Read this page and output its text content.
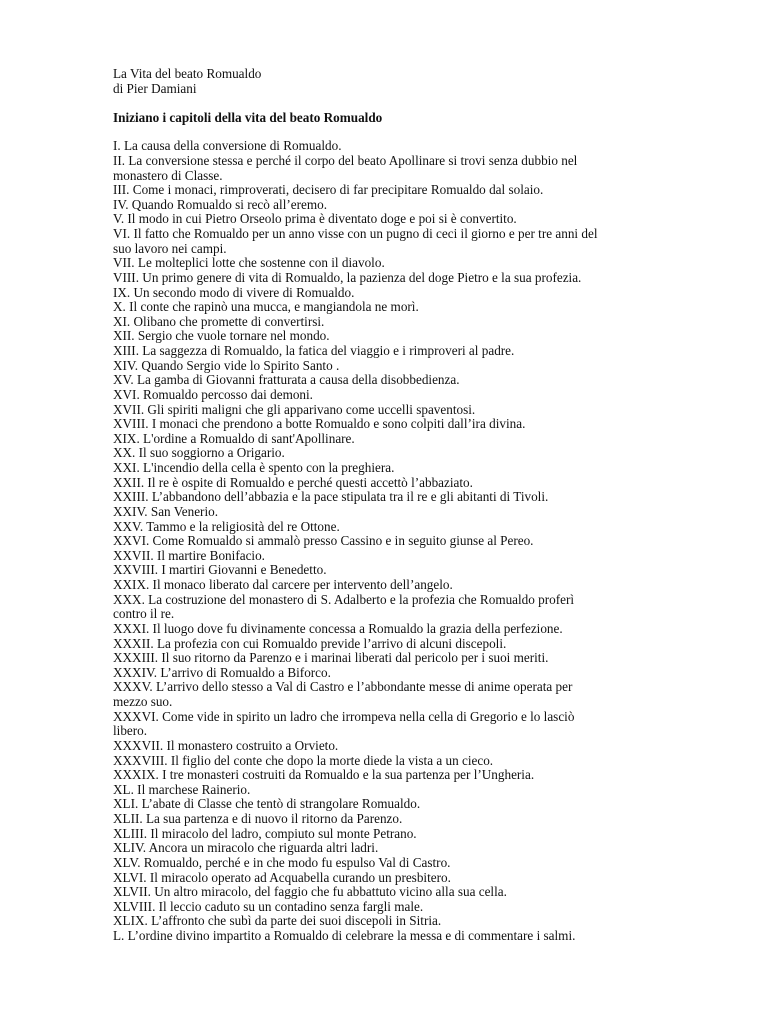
La Vita del beato Romualdo
di Pier Damiani
Iniziano i capitoli della vita del beato Romualdo
I. La causa della conversione di Romualdo.
II. La conversione stessa e perché il corpo del beato Apollinare si trovi senza dubbio nel
monastero di Classe.
III. Come i monaci, rimproverati, decisero di far precipitare Romualdo dal solaio.
IV. Quando Romualdo si recò all’eremo.
V. Il modo in cui Pietro Orseolo prima è diventato doge e poi si è convertito.
VI. Il fatto che Romualdo per un anno visse con un pugno di ceci il giorno e per tre anni del
suo lavoro nei campi.
VII. Le molteplici lotte che sostenne con il diavolo.
VIII. Un primo genere di vita di Romualdo, la pazienza del doge Pietro e la sua profezia.
IX. Un secondo modo di vivere di Romualdo.
X. Il conte che rapinò una mucca, e mangiandola ne morì.
XI. Olibano che promette di convertirsi.
XII. Sergio che vuole tornare nel mondo.
XIII. La saggezza di Romualdo, la fatica del viaggio e i rimproveri al padre.
XIV. Quando Sergio vide lo Spirito Santo .
XV. La gamba di Giovanni fratturata a causa della disobbedienza.
XVI. Romualdo percosso dai demoni.
XVII. Gli spiriti maligni che gli apparivano come uccelli spaventosi.
XVIII. I monaci che prendono a botte Romualdo e sono colpiti dall’ira divina.
XIX. L'ordine a Romualdo di sant'Apollinare.
XX. Il suo soggiorno a Origario.
XXI. L'incendio della cella è spento con la preghiera.
XXII. Il re è ospite di Romualdo e perché questi accettò l’abbaziato.
XXIII. L’abbandono dell’abbazia e la pace stipulata tra il re e gli abitanti di Tivoli.
XXIV. San Venerio.
XXV. Tammo e la religiosità del re Ottone.
XXVI. Come Romualdo si ammalò presso Cassino e in seguito giunse al Pereo.
XXVII. Il martire Bonifacio.
XXVIII. I martiri Giovanni e Benedetto.
XXIX. Il monaco liberato dal carcere per intervento dell’angelo.
XXX. La costruzione del monastero di S. Adalberto e la profezia che Romualdo proferì
contro il re.
XXXI. Il luogo dove fu divinamente concessa a Romualdo la grazia della perfezione.
XXXII. La profezia con cui Romualdo previde l’arrivo di alcuni discepoli.
XXXIII. Il suo ritorno da Parenzo e i marinai liberati dal pericolo per i suoi meriti.
XXXIV. L’arrivo di Romualdo a Biforco.
XXXV. L’arrivo dello stesso a Val di Castro e l’abbondante messe di anime operata per
mezzo suo.
XXXVI. Come vide in spirito un ladro che irrompeva nella cella di Gregorio e lo lasciò
libero.
XXXVII. Il monastero costruito a Orvieto.
XXXVIII. Il figlio del conte che dopo la morte diede la vista a un cieco.
XXXIX. I tre monasteri costruiti da Romualdo e la sua partenza per l’Ungheria.
XL. Il marchese Rainerio.
XLI. L’abate di Classe che tentò di strangolare Romualdo.
XLII. La sua partenza e di nuovo il ritorno da Parenzo.
XLIII. Il miracolo del ladro, compiuto sul monte Petrano.
XLIV. Ancora un miracolo che riguarda altri ladri.
XLV. Romualdo, perché e in che modo fu espulso Val di Castro.
XLVI. Il miracolo operato ad Acquabella curando un presbitero.
XLVII. Un altro miracolo, del faggio che fu abbattuto vicino alla sua cella.
XLVIII. Il leccio caduto su un contadino senza fargli male.
XLIX. L’affronto che subì da parte dei suoi discepoli in Sitria.
L. L’ordine divino impartito a Romualdo di celebrare la messa e di commentare i salmi.
